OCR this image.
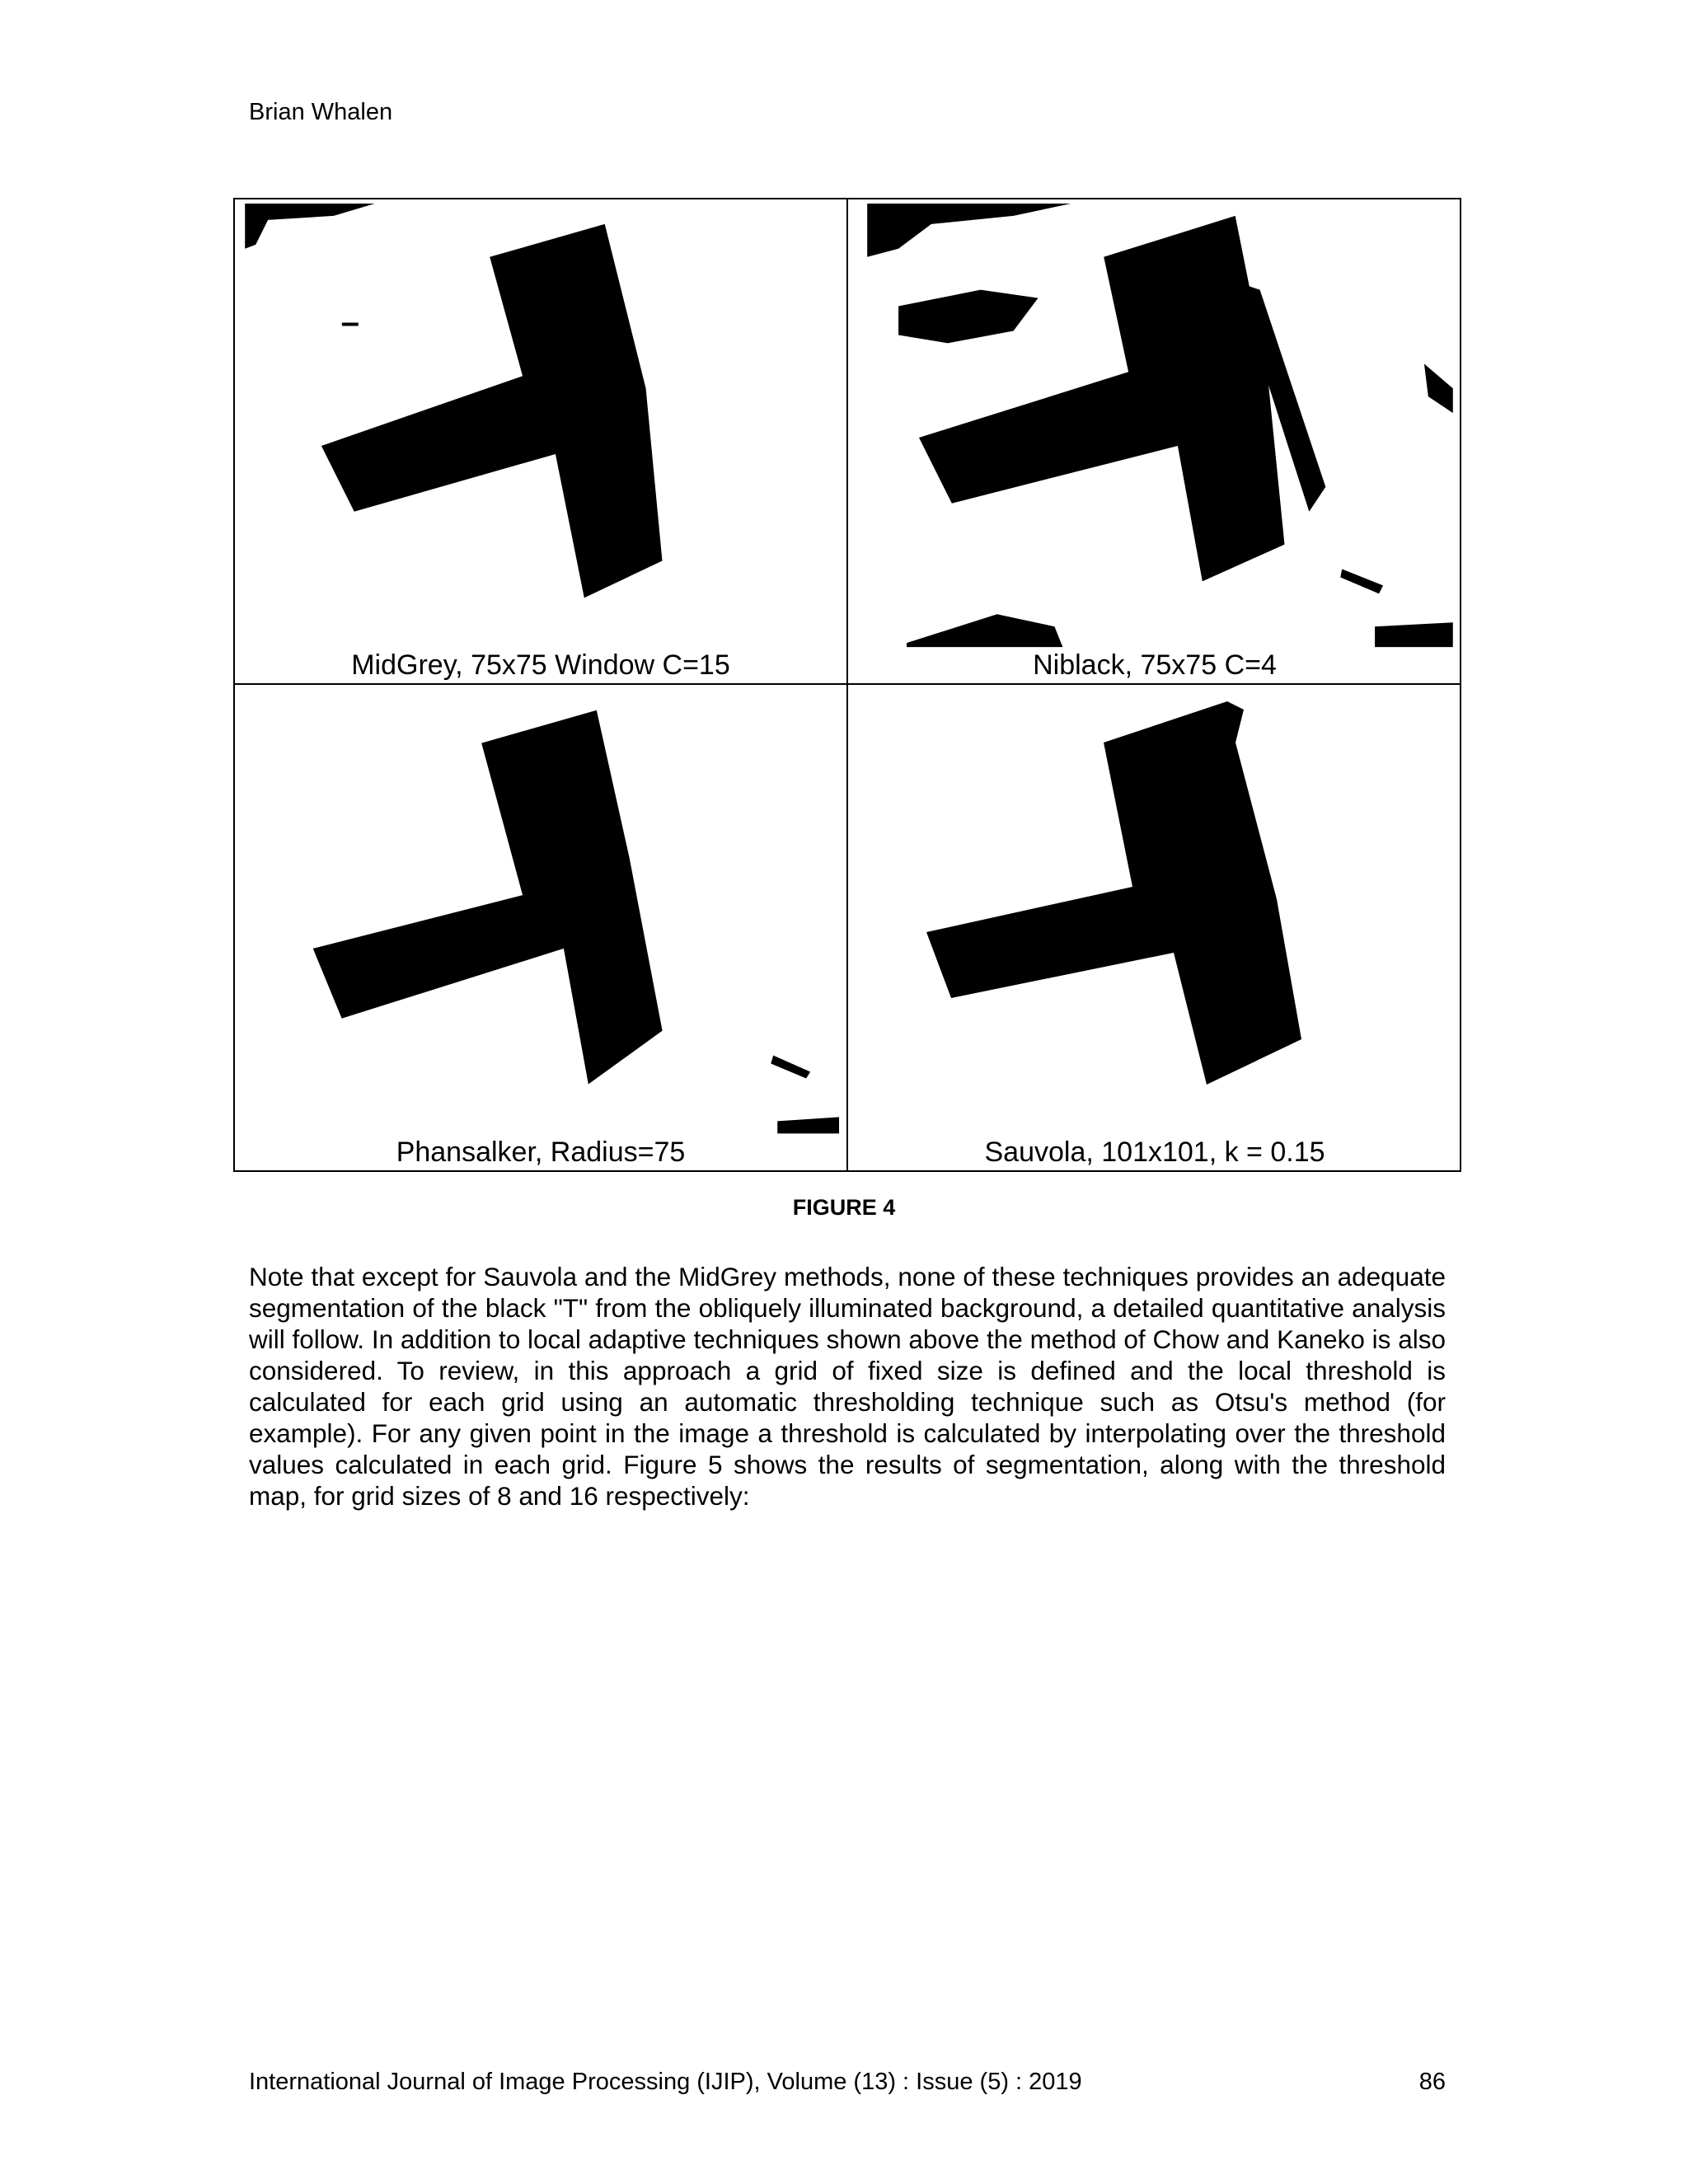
Brian Whalen
MidGrey, 75x75 Window C=15	Niblack, 75x75 C=4
Phansalker, Radius=75	Sauvola, 101x101, k = 0.15
FIGURE 4
Note that except for Sauvola and the MidGrey methods, none of these techniques provides an adequate segmentation of the black "T" from the obliquely illuminated background, a detailed quantitative analysis will follow. In addition to local adaptive techniques shown above the method of Chow and Kaneko is also considered. To review, in this approach a grid of fixed size is defined and the local threshold is calculated for each grid using an automatic thresholding technique such as Otsu's method (for example). For any given point in the image a threshold is calculated by interpolating over the threshold values calculated in each grid. Figure 5 shows the results of segmentation, along with the threshold map, for grid sizes of 8 and 16 respectively:
International Journal of Image Processing (IJIP), Volume (13) : Issue (5) : 2019	86
